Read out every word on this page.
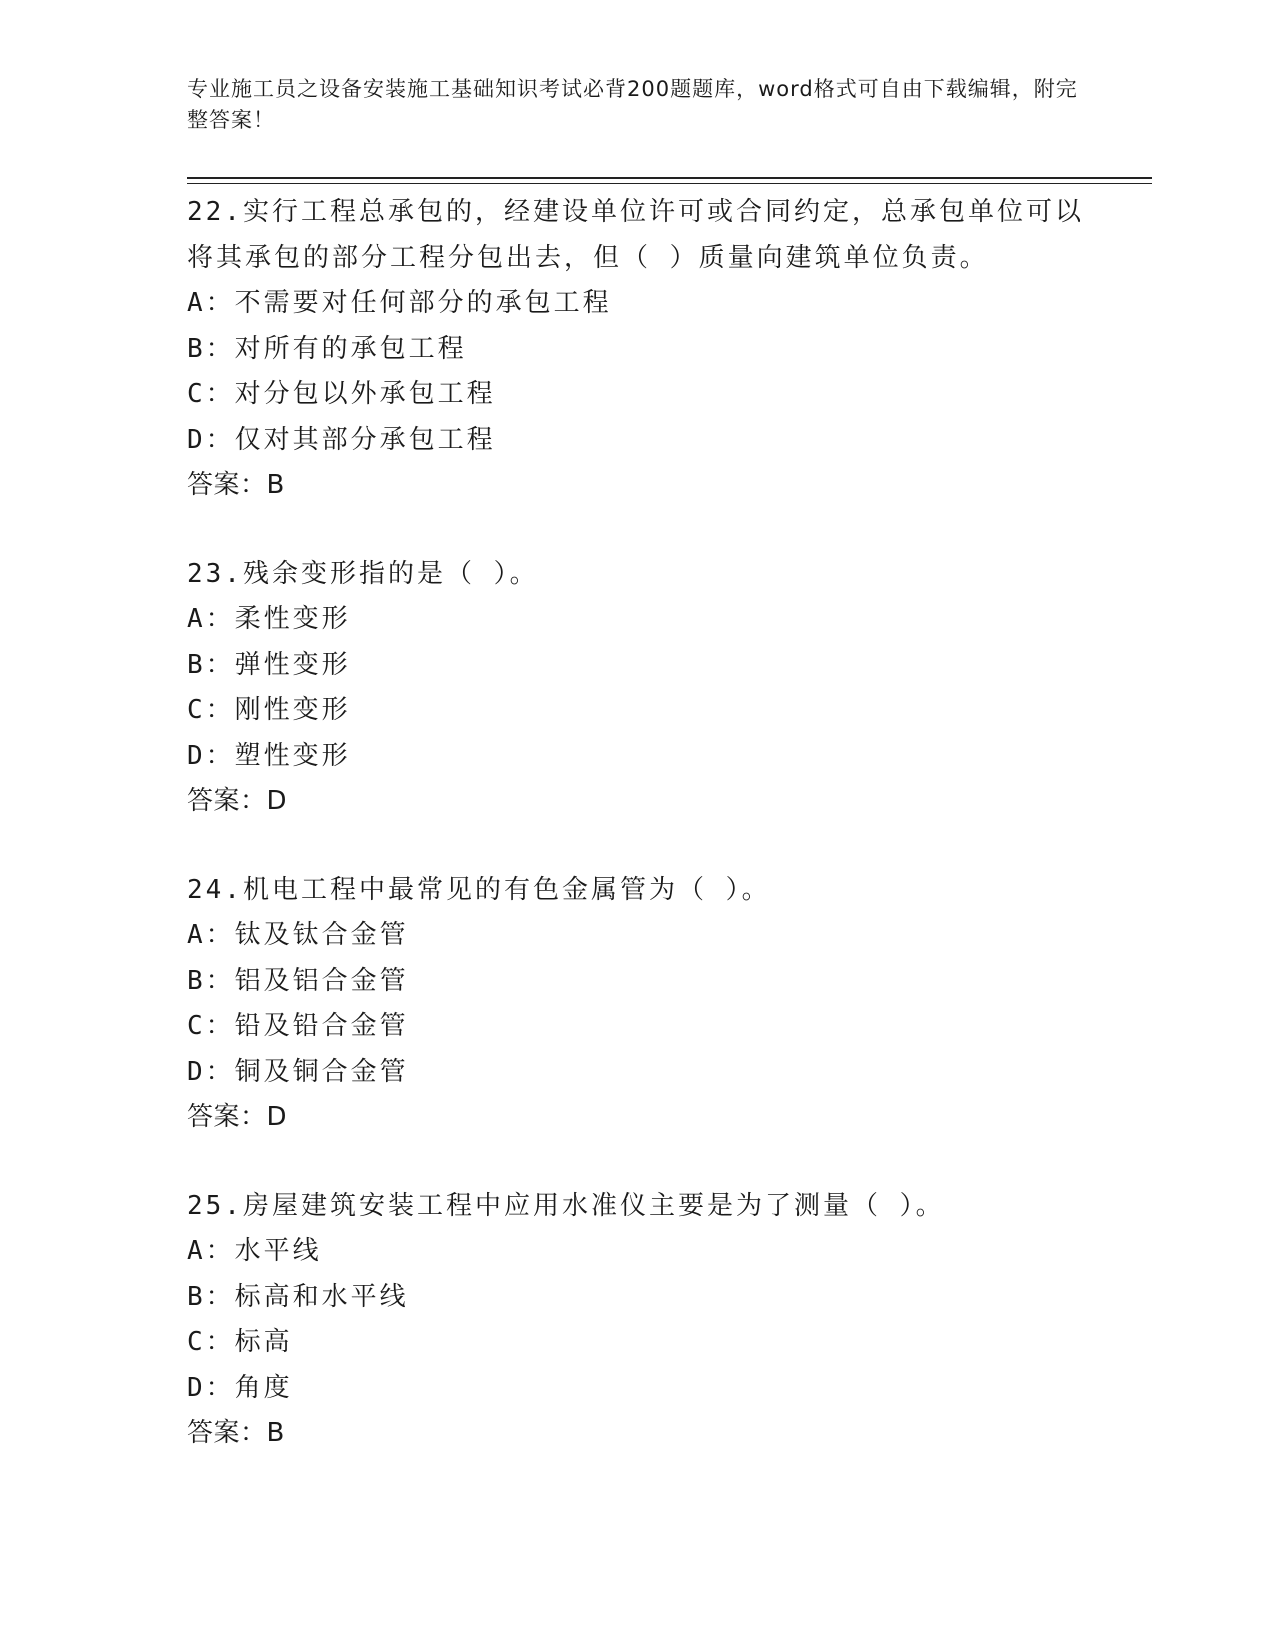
专业施工员之设备安装施工基础知识考试必背200题题库，word格式可自由下载编辑，附完整答案！
22.实行工程总承包的，经建设单位许可或合同约定，总承包单位可以
将其承包的部分工程分包出去，但（ ）质量向建筑单位负责。
A：不需要对任何部分的承包工程
B：对所有的承包工程
C：对分包以外承包工程
D：仅对其部分承包工程
答案：B
23.残余变形指的是（ ）。
A：柔性变形
B：弹性变形
C：刚性变形
D：塑性变形
答案：D
24.机电工程中最常见的有色金属管为（ ）。
A：钛及钛合金管
B：铝及铝合金管
C：铅及铅合金管
D：铜及铜合金管
答案：D
25.房屋建筑安装工程中应用水准仪主要是为了测量（ ）。
A：水平线
B：标高和水平线
C：标高
D：角度
答案：B
